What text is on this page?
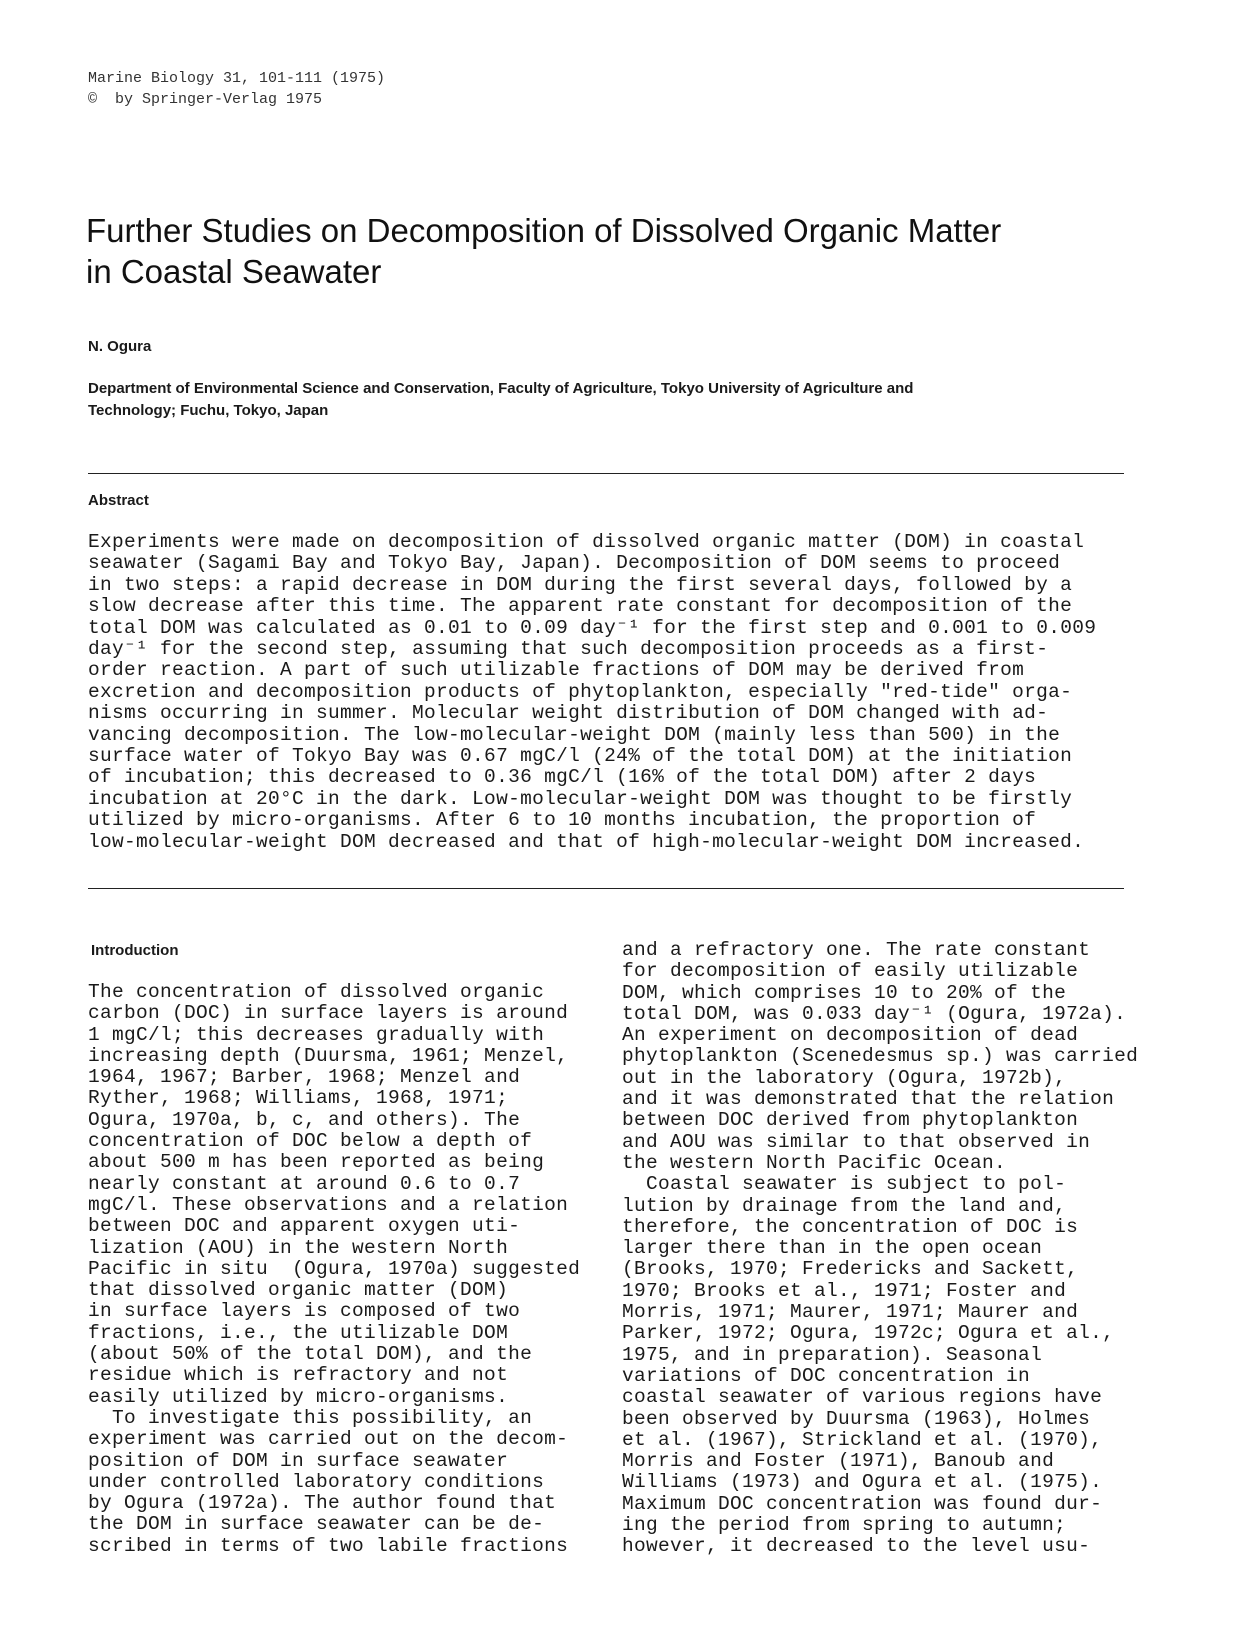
Marine Biology 31, 101-111 (1975)
©  by Springer-Verlag 1975
Further Studies on Decomposition of Dissolved Organic Matter
in Coastal Seawater
N. Ogura
Department of Environmental Science and Conservation, Faculty of Agriculture, Tokyo University of Agriculture and
Technology; Fuchu, Tokyo, Japan
Abstract
Experiments were made on decomposition of dissolved organic matter (DOM) in coastal
seawater (Sagami Bay and Tokyo Bay, Japan). Decomposition of DOM seems to proceed
in two steps: a rapid decrease in DOM during the first several days, followed by a
slow decrease after this time. The apparent rate constant for decomposition of the
total DOM was calculated as 0.01 to 0.09 day⁻¹ for the first step and 0.001 to 0.009
day⁻¹ for the second step, assuming that such decomposition proceeds as a first-
order reaction. A part of such utilizable fractions of DOM may be derived from
excretion and decomposition products of phytoplankton, especially "red-tide" orga-
nisms occurring in summer. Molecular weight distribution of DOM changed with ad-
vancing decomposition. The low-molecular-weight DOM (mainly less than 500) in the
surface water of Tokyo Bay was 0.67 mgC/l (24% of the total DOM) at the initiation
of incubation; this decreased to 0.36 mgC/l (16% of the total DOM) after 2 days
incubation at 20°C in the dark. Low-molecular-weight DOM was thought to be firstly
utilized by micro-organisms. After 6 to 10 months incubation, the proportion of
low-molecular-weight DOM decreased and that of high-molecular-weight DOM increased.
Introduction
The concentration of dissolved organic
carbon (DOC) in surface layers is around
1 mgC/l; this decreases gradually with
increasing depth (Duursma, 1961; Menzel,
1964, 1967; Barber, 1968; Menzel and
Ryther, 1968; Williams, 1968, 1971;
Ogura, 1970a, b, c, and others). The
concentration of DOC below a depth of
about 500 m has been reported as being
nearly constant at around 0.6 to 0.7
mgC/l. These observations and a relation
between DOC and apparent oxygen uti-
lization (AOU) in the western North
Pacific in situ  (Ogura, 1970a) suggested
that dissolved organic matter (DOM)
in surface layers is composed of two
fractions, i.e., the utilizable DOM
(about 50% of the total DOM), and the
residue which is refractory and not
easily utilized by micro-organisms.
To investigate this possibility, an
experiment was carried out on the decom-
position of DOM in surface seawater
under controlled laboratory conditions
by Ogura (1972a). The author found that
the DOM in surface seawater can be de-
scribed in terms of two labile fractions
and a refractory one. The rate constant
for decomposition of easily utilizable
DOM, which comprises 10 to 20% of the
total DOM, was 0.033 day⁻¹ (Ogura, 1972a).
An experiment on decomposition of dead
phytoplankton (Scenedesmus sp.) was carried
out in the laboratory (Ogura, 1972b),
and it was demonstrated that the relation
between DOC derived from phytoplankton
and AOU was similar to that observed in
the western North Pacific Ocean.
Coastal seawater is subject to pol-
lution by drainage from the land and,
therefore, the concentration of DOC is
larger there than in the open ocean
(Brooks, 1970; Fredericks and Sackett,
1970; Brooks et al., 1971; Foster and
Morris, 1971; Maurer, 1971; Maurer and
Parker, 1972; Ogura, 1972c; Ogura et al.,
1975, and in preparation). Seasonal
variations of DOC concentration in
coastal seawater of various regions have
been observed by Duursma (1963), Holmes
et al. (1967), Strickland et al. (1970),
Morris and Foster (1971), Banoub and
Williams (1973) and Ogura et al. (1975).
Maximum DOC concentration was found dur-
ing the period from spring to autumn;
however, it decreased to the level usu-
